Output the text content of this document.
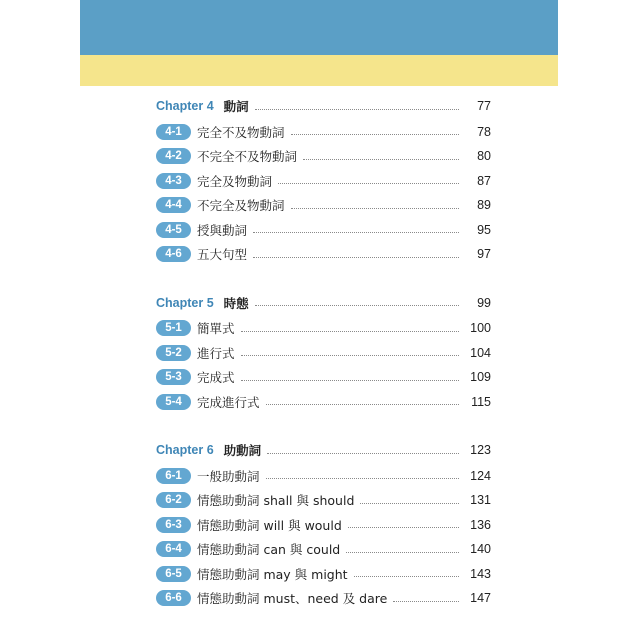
Chapter 4 動詞	77
4-1	完全不及物動詞	78
4-2	不完全不及物動詞	80
4-3	完全及物動詞	87
4-4	不完全及物動詞	89
4-5	授與動詞	95
4-6	五大句型	97
Chapter 5 時態	99
5-1	簡單式	100
5-2	進行式	104
5-3	完成式	109
5-4	完成進行式	115
Chapter 6 助動詞	123
6-1	一般助動詞	124
6-2	情態助動詞 shall 與 should	131
6-3	情態助動詞 will 與 would	136
6-4	情態助動詞 can 與 could	140
6-5	情態助動詞 may 與 might	143
6-6	情態助動詞 must、need 及 dare	147
